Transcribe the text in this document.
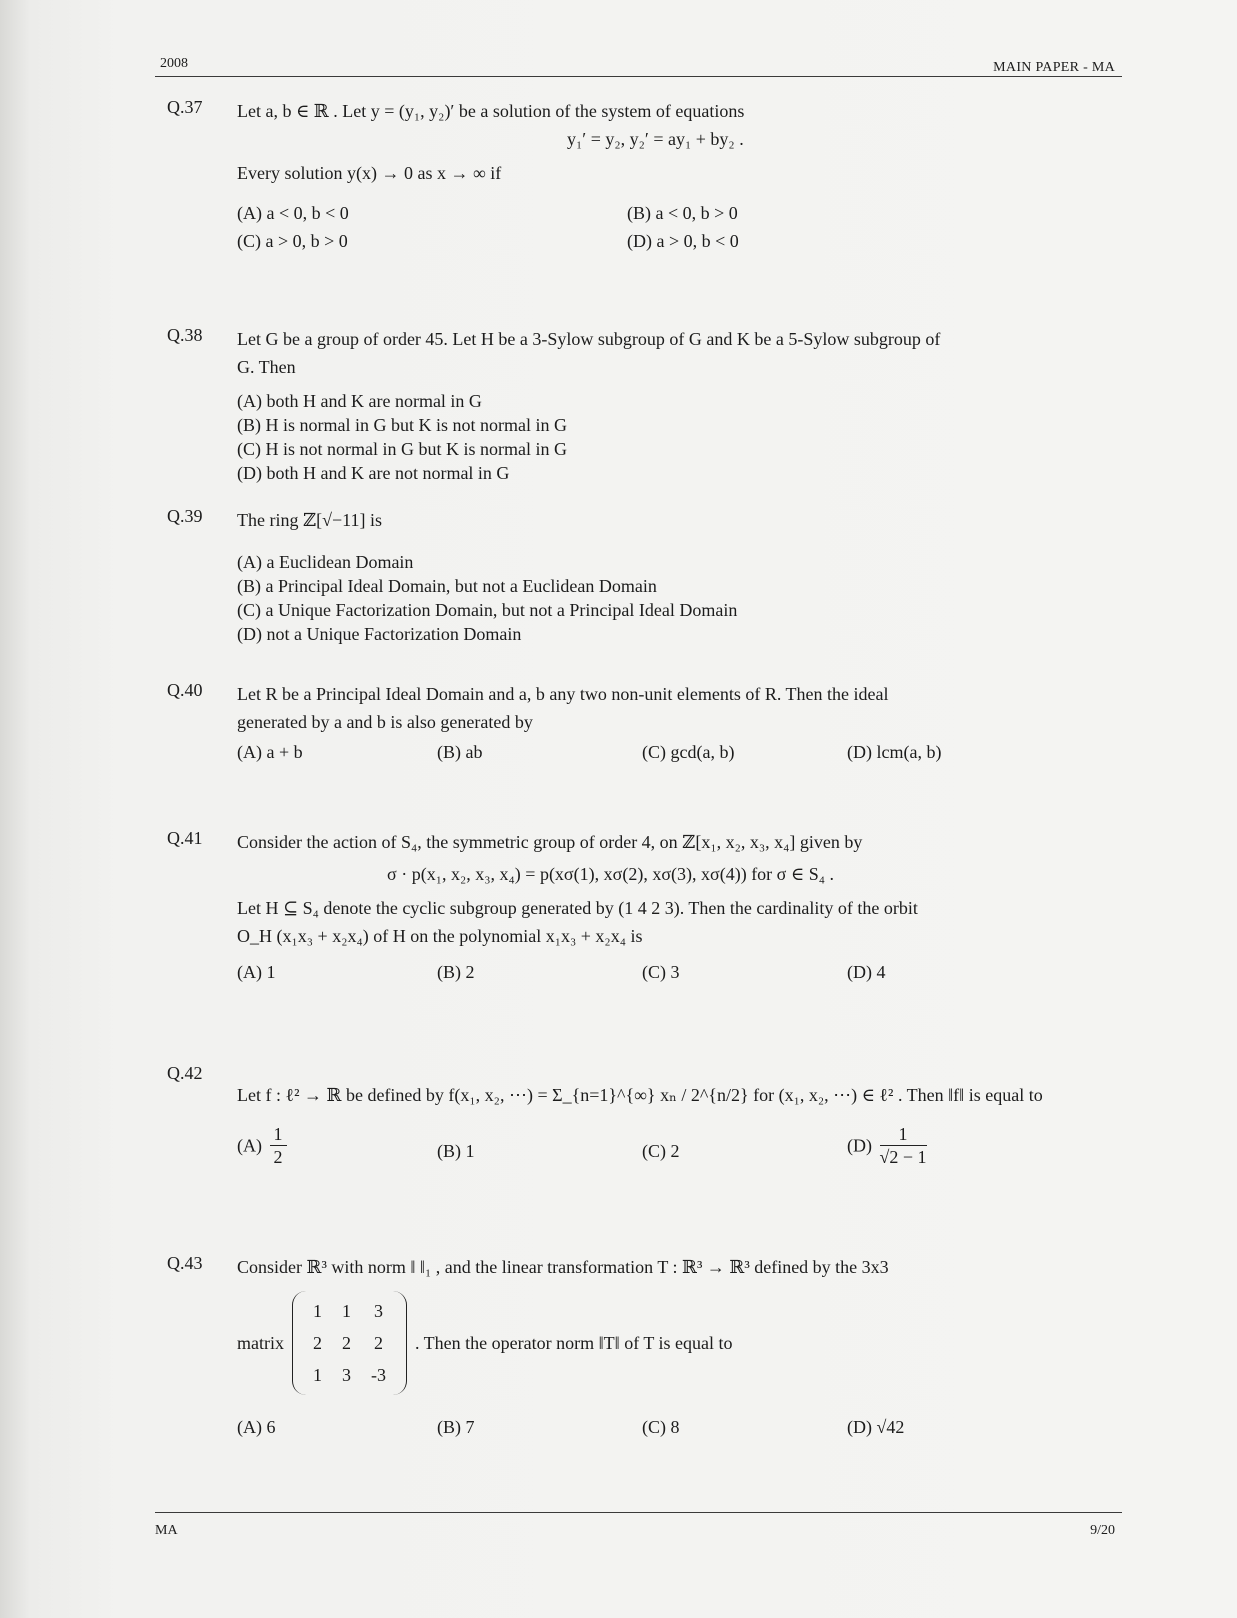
2008	MAIN PAPER - MA
Q.37 Let a, b ∈ ℝ . Let y = (y₁, y₂)′ be a solution of the system of equations
y₁′ = y₂, y₂′ = ay₁ + by₂ .
Every solution y(x) → 0 as x → ∞ if
(A) a < 0, b < 0	(B) a < 0, b > 0
(C) a > 0, b > 0	(D) a > 0, b < 0
Q.38 Let G be a group of order 45. Let H be a 3-Sylow subgroup of G and K be a 5-Sylow subgroup of
G. Then
(A) both H and K are normal in G
(B) H is normal in G but K is not normal in G
(C) H is not normal in G but K is normal in G
(D) both H and K are not normal in G
Q.39 The ring ℤ[√−11] is
(A) a Euclidean Domain
(B) a Principal Ideal Domain, but not a Euclidean Domain
(C) a Unique Factorization Domain, but not a Principal Ideal Domain
(D) not a Unique Factorization Domain
Q.40 Let R be a Principal Ideal Domain and a, b any two non-unit elements of R. Then the ideal
generated by a and b is also generated by
(A) a + b	(B) ab	(C) gcd(a, b)	(D) lcm(a, b)
Q.41 Consider the action of S₄, the symmetric group of order 4, on ℤ[x₁, x₂, x₃, x₄] given by
σ · p(x₁, x₂, x₃, x₄) = p(xσ(1), xσ(2), xσ(3), xσ(4)) for σ ∈ S₄ .
Let H ⊆ S₄ denote the cyclic subgroup generated by (1 4 2 3). Then the cardinality of the orbit
O_H (x₁x₃ + x₂x₄) of H on the polynomial x₁x₃ + x₂x₄ is
(A) 1	(B) 2	(C) 3	(D) 4
Q.42
Let f : ℓ² → ℝ be defined by f(x₁, x₂, ⋯) = Σ_{n=1}^{∞} xₙ / 2^{n/2} for (x₁, x₂, ⋯) ∈ ℓ² . Then ‖f‖ is equal to
$(A) \frac{1}{2}$	(B) 1	(C) 2	$(D) \frac{1}{√2 - 1}$
Q.43 Consider ℝ³ with norm ‖ ‖₁ , and the linear transformation T : ℝ³ → ℝ³ defined by the 3x3
matrix
1	1	3
2	2	2
1	3	-3
. Then the operator norm ‖T‖ of T is equal to
(A) 6	(B) 7	(C) 8	(D) √42
MA	9/20
